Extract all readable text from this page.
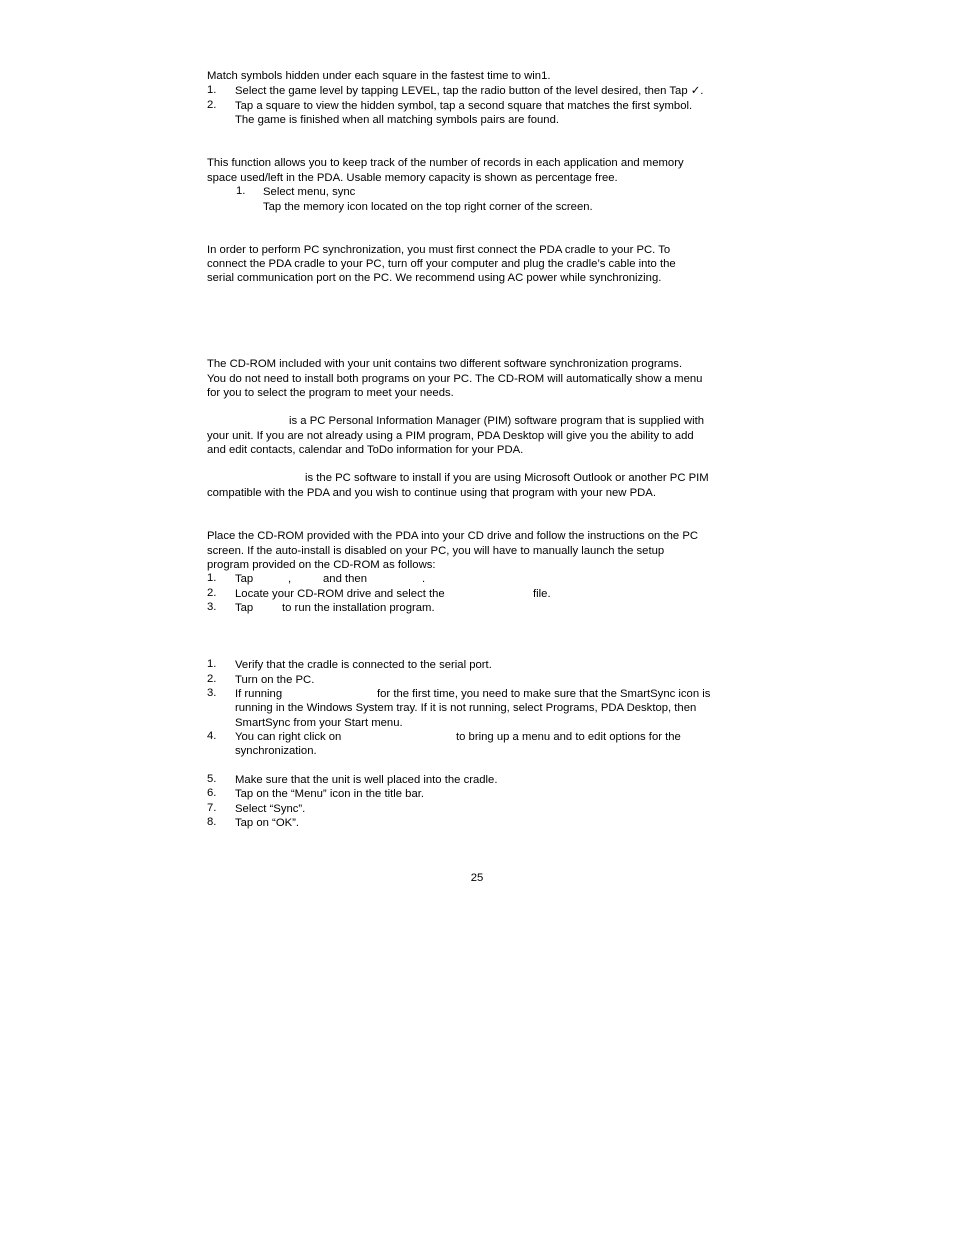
Match symbols hidden under each square in the fastest time to win1.
1. Select the game level by tapping LEVEL, tap the radio button of the level desired, then Tap ✓.
2. Tap a square to view the hidden symbol, tap a second square that matches the first symbol.
The game is finished when all matching symbols pairs are found.
This function allows you to keep track of the number of records in each application and memory
space used/left in the PDA. Usable memory capacity is shown as percentage free.
1. Select menu, sync
Tap the memory icon located on the top right corner of the screen.
In order to perform PC synchronization, you must first connect the PDA cradle to your PC. To
connect the PDA cradle to your PC, turn off your computer and plug the cradle’s cable into the
serial communication port on the PC. We recommend using AC power while synchronizing.
The CD-ROM included with your unit contains two different software synchronization programs.
You do not need to install both programs on your PC. The CD-ROM will automatically show a menu
for you to select the program to meet your needs.
is a PC Personal Information Manager (PIM) software program that is supplied with
your unit. If you are not already using a PIM program, PDA Desktop will give you the ability to add
and edit contacts, calendar and ToDo information for your PDA.
is the PC software to install if you are using Microsoft Outlook or another PC PIM
compatible with the PDA and you wish to continue using that program with your new PDA.
Place the CD-ROM provided with the PDA into your CD drive and follow the instructions on the PC
screen. If the auto-install is disabled on your PC, you will have to manually launch the setup
program provided on the CD-ROM as follows:
1. Tap	,	and then	.
2. Locate your CD-ROM drive and select the	file.
3. Tap	to run the installation program.
1. Verify that the cradle is connected to the serial port.
2. Turn on the PC.
3. If running	for the first time, you need to make sure that the SmartSync icon is
running in the Windows System tray. If it is not running, select Programs, PDA Desktop, then
SmartSync from your Start menu.
4. You can right click on	to bring up a menu and to edit options for the
synchronization.
5. Make sure that the unit is well placed into the cradle.
6. Tap on the “Menu” icon in the title bar.
7. Select “Sync”.
8. Tap on “OK”.
25
